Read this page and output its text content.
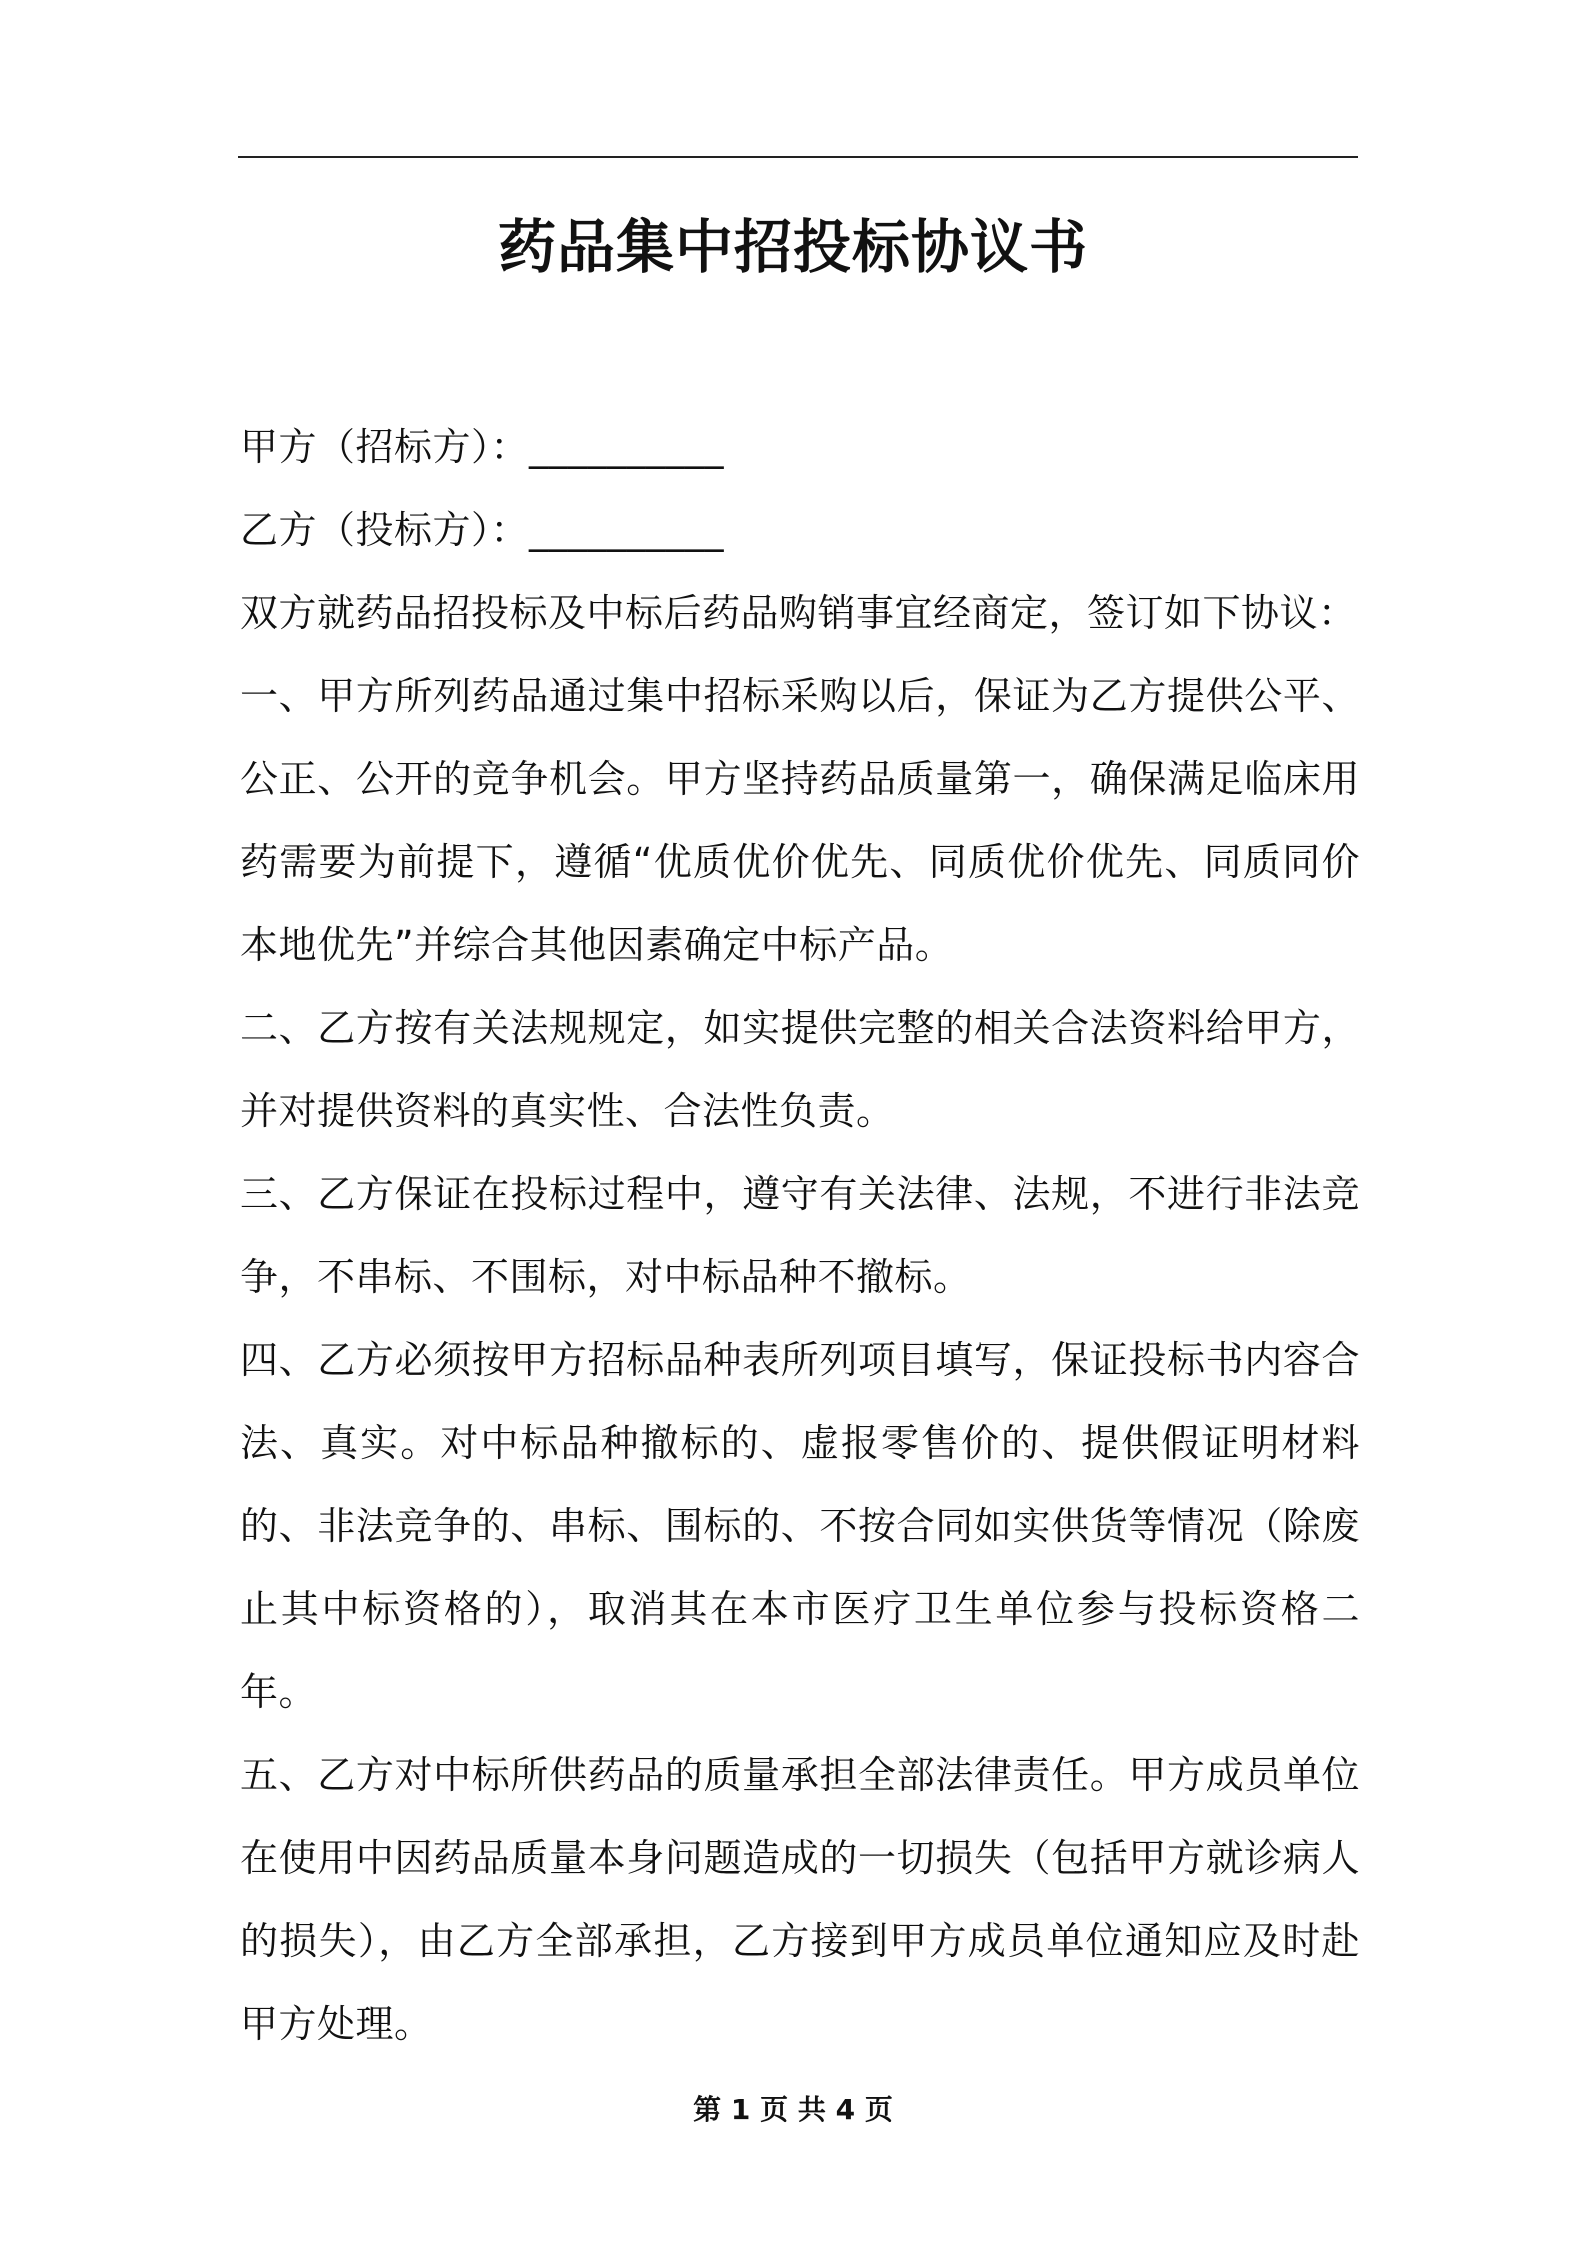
药品集中招投标协议书

甲方（招标方）：__________

乙方（投标方）：__________

双方就药品招投标及中标后药品购销事宜经商定，签订如下协议：

一、甲方所列药品通过集中招标采购以后，保证为乙方提供公平、公正、公开的竞争机会。甲方坚持药品质量第一，确保满足临床用药需要为前提下，遵循“优质优价优先、同质优价优先、同质同价本地优先”并综合其他因素确定中标产品。

二、乙方按有关法规规定，如实提供完整的相关合法资料给甲方，并对提供资料的真实性、合法性负责。

三、乙方保证在投标过程中，遵守有关法律、法规，不进行非法竞争，不串标、不围标，对中标品种不撤标。

四、乙方必须按甲方招标品种表所列项目填写，保证投标书内容合法、真实。对中标品种撤标的、虚报零售价的、提供假证明材料的、非法竞争的、串标、围标的、不按合同如实供货等情况（除废止其中标资格的），取消其在本市医疗卫生单位参与投标资格二年。

五、乙方对中标所供药品的质量承担全部法律责任。甲方成员单位在使用中因药品质量本身问题造成的一切损失（包括甲方就诊病人的损失），由乙方全部承担，乙方接到甲方成员单位通知应及时赴甲方处理。

第 1 页 共 4 页
